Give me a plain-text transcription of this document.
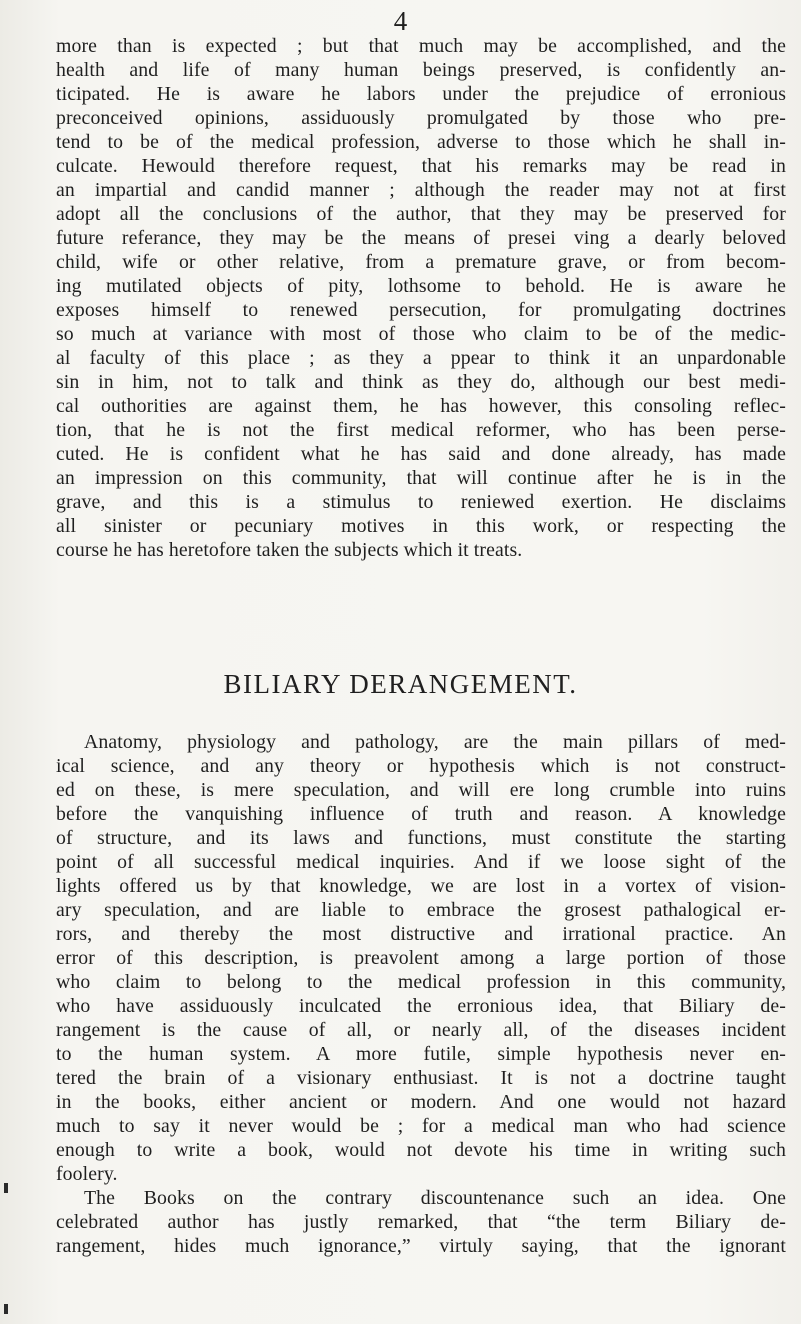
4
more than is expected ; but that much may be accomplished, and the
health and life of many human beings preserved, is confidently an-
ticipated. He is aware he labors under the prejudice of erronious
preconceived opinions, assiduously promulgated by those who pre-
tend to be of the medical profession, adverse to those which he shall in-
culcate. Hewould therefore request, that his remarks may be read in
an impartial and candid manner ; although the reader may not at first
adopt all the conclusions of the author, that they may be preserved for
future referance, they may be the means of presei ving a dearly beloved
child, wife or other relative, from a premature grave, or from becom-
ing mutilated objects of pity, lothsome to behold. He is aware he
exposes himself to renewed persecution, for promulgating doctrines
so much at variance with most of those who claim to be of the medic-
al faculty of this place ; as they a ppear to think it an unpardonable
sin in him, not to talk and think as they do, although our best medi-
cal outhorities are against them, he has however, this consoling reflec-
tion, that he is not the first medical reformer, who has been perse-
cuted. He is confident what he has said and done already, has made
an impression on this community, that will continue after he is in the
grave, and this is a stimulus to reniewed exertion. He disclaims
all sinister or pecuniary motives in this work, or respecting the
course he has heretofore taken the subjects which it treats.
BILIARY DERANGEMENT.
Anatomy, physiology and pathology, are the main pillars of med-
ical science, and any theory or hypothesis which is not construct-
ed on these, is mere speculation, and will ere long crumble into ruins
before the vanquishing influence of truth and reason. A knowledge
of structure, and its laws and functions, must constitute the starting
point of all successful medical inquiries. And if we loose sight of the
lights offered us by that knowledge, we are lost in a vortex of vision-
ary speculation, and are liable to embrace the grosest pathalogical er-
rors, and thereby the most distructive and irrational practice. An
error of this description, is preavolent among a large portion of those
who claim to belong to the medical profession in this community,
who have assiduously inculcated the erronious idea, that Biliary de-
rangement is the cause of all, or nearly all, of the diseases incident
to the human system. A more futile, simple hypothesis never en-
tered the brain of a visionary enthusiast. It is not a doctrine taught
in the books, either ancient or modern. And one would not hazard
much to say it never would be ; for a medical man who had science
enough to write a book, would not devote his time in writing such
foolery.
The Books on the contrary discountenance such an idea. One
celebrated author has justly remarked, that “the term Biliary de-
rangement, hides much ignorance,” virtuly saying, that the ignorant
